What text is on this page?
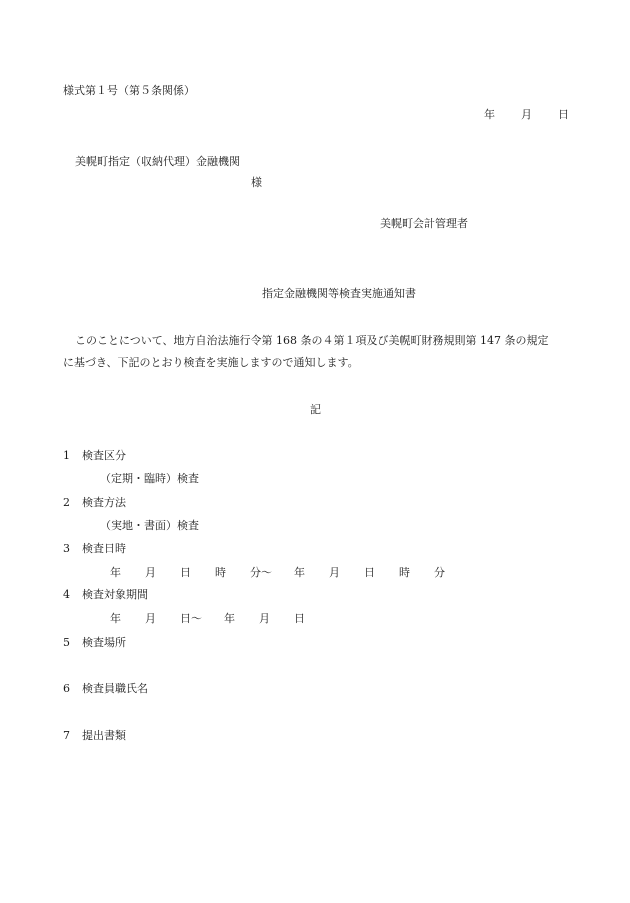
様式第１号（第５条関係）
年 月 日
美幌町指定（収納代理）金融機関
様
美幌町会計管理者
指定金融機関等検査実施通知書
このことについて、地方自治法施行令第 168 条の４第１項及び美幌町財務規則第 147 条の規定
に基づき、下記のとおり検査を実施しますので通知します。
記
1 検査区分
（定期・臨時）検査
2 検査方法
（実地・書面）検査
3 検査日時
年 月 日 時 分～ 年 月 日 時 分
4 検査対象期間
年 月 日～ 年 月 日
5 検査場所
6 検査員職氏名
7 提出書類
